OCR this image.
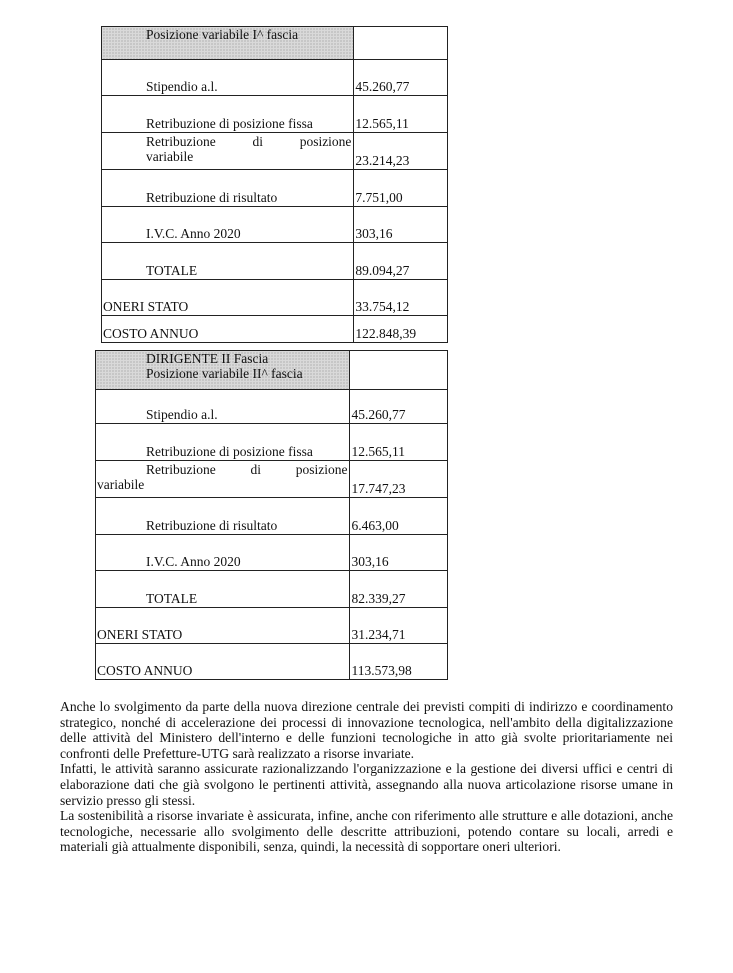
Posizione variabile I^ fascia	
Stipendio a.l.	45.260,77
Retribuzione di posizione fissa	12.565,11

Retribuzione di posizione
variabile	23.214,23
Retribuzione di risultato	7.751,00
I.V.C. Anno 2020	303,16
TOTALE	89.094,27
ONERI STATO	33.754,12
COSTO ANNUO	122.848,39
DIRIGENTE II Fascia
Posizione variabile II^ fascia	

Stipendio a.l.	45.260,77
Retribuzione di posizione fissa	12.565,11

Retribuzione di posizione
variabile	17.747,23
Retribuzione di risultato	6.463,00
I.V.C. Anno 2020	303,16
TOTALE	82.339,27
ONERI STATO	31.234,71
COSTO ANNUO	113.573,98

Anche lo svolgimento da parte della nuova direzione centrale dei previsti compiti di indirizzo e coordinamento strategico, nonché di accelerazione dei processi di innovazione tecnologica, nell'ambito della digitalizzazione delle attività del Ministero dell'interno e delle funzioni tecnologiche in atto già svolte prioritariamente nei confronti delle Prefetture-UTG sarà realizzato a risorse invariate.

Infatti, le attività saranno assicurate razionalizzando l'organizzazione e la gestione dei diversi uffici e centri di elaborazione dati che già svolgono le pertinenti attività, assegnando alla nuova articolazione risorse umane in servizio presso gli stessi.

La sostenibilità a risorse invariate è assicurata, infine, anche con riferimento alle strutture e alle dotazioni, anche tecnologiche, necessarie allo svolgimento delle descritte attribuzioni, potendo contare su locali, arredi e materiali già attualmente disponibili, senza, quindi, la necessità di sopportare oneri ulteriori.
